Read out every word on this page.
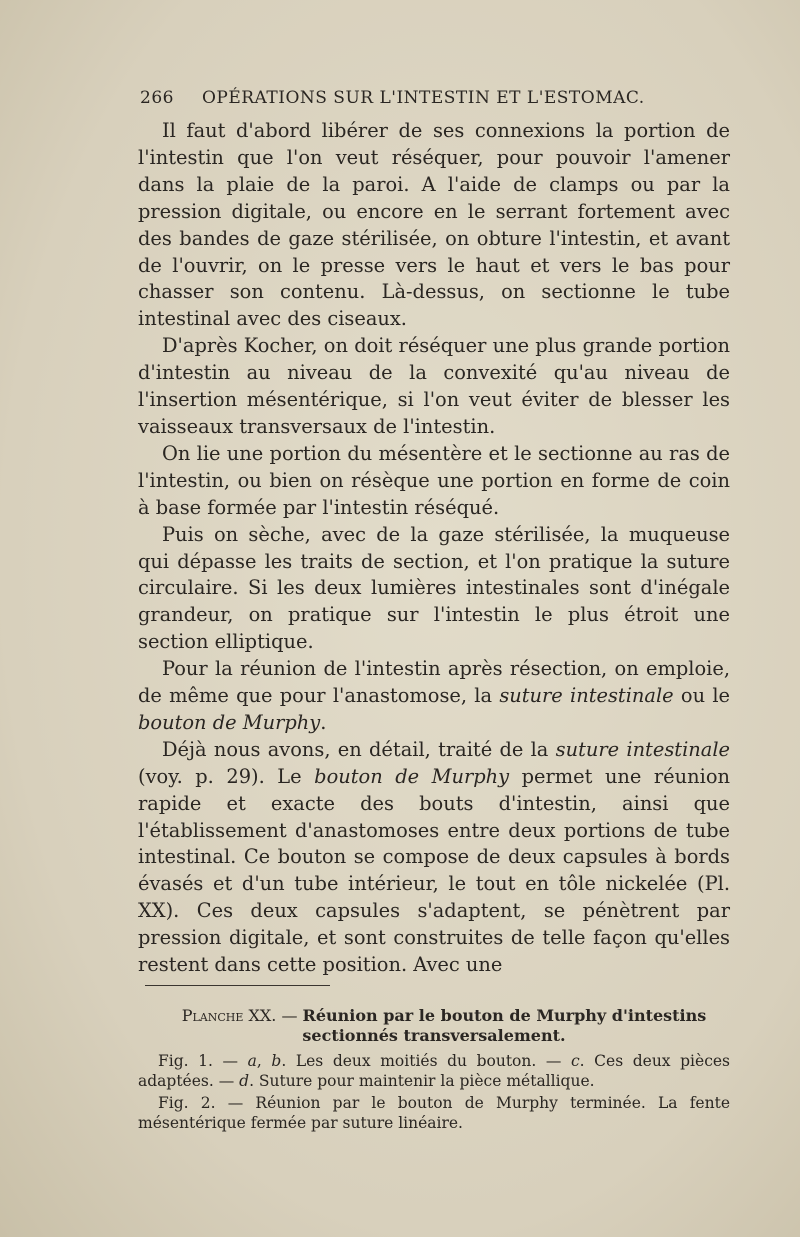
266 OPÉRATIONS SUR L'INTESTIN ET L'ESTOMAC.

Il faut d'abord libérer de ses connexions la portion de l'intestin que l'on veut réséquer, pour pouvoir l'amener dans la plaie de la paroi. A l'aide de clamps ou par la pression digitale, ou encore en le serrant fortement avec des bandes de gaze stérilisée, on obture l'intestin, et avant de l'ouvrir, on le presse vers le haut et vers le bas pour chasser son contenu. Là-dessus, on sectionne le tube intestinal avec des ciseaux.

D'après Kocher, on doit réséquer une plus grande portion d'intestin au niveau de la convexité qu'au niveau de l'insertion mésentérique, si l'on veut éviter de blesser les vaisseaux transversaux de l'intestin.

On lie une portion du mésentère et le sectionne au ras de l'intestin, ou bien on résèque une portion en forme de coin à base formée par l'intestin réséqué.

Puis on sèche, avec de la gaze stérilisée, la muqueuse qui dépasse les traits de section, et l'on pratique la suture circulaire. Si les deux lumières intestinales sont d'inégale grandeur, on pratique sur l'intestin le plus étroit une section elliptique.

Pour la réunion de l'intestin après résection, on emploie, de même que pour l'anastomose, la suture intestinale ou le bouton de Murphy.

Déjà nous avons, en détail, traité de la suture intestinale (voy. p. 29). Le bouton de Murphy permet une réunion rapide et exacte des bouts d'intestin, ainsi que l'établissement d'anastomoses entre deux portions de tube intestinal. Ce bouton se compose de deux capsules à bords évasés et d'un tube intérieur, le tout en tôle nickelée (Pl. XX). Ces deux capsules s'adaptent, se pénètrent par pression digitale, et sont construites de telle façon qu'elles restent dans cette position. Avec une

Planche XX. — Réunion par le bouton de Murphy d'intestins sectionnés transversalement.
Fig. 1. — a, b. Les deux moitiés du bouton. — c. Ces deux pièces adaptées. — d. Suture pour maintenir la pièce métallique.
Fig. 2. — Réunion par le bouton de Murphy terminée. La fente mésentérique fermée par suture linéaire.
